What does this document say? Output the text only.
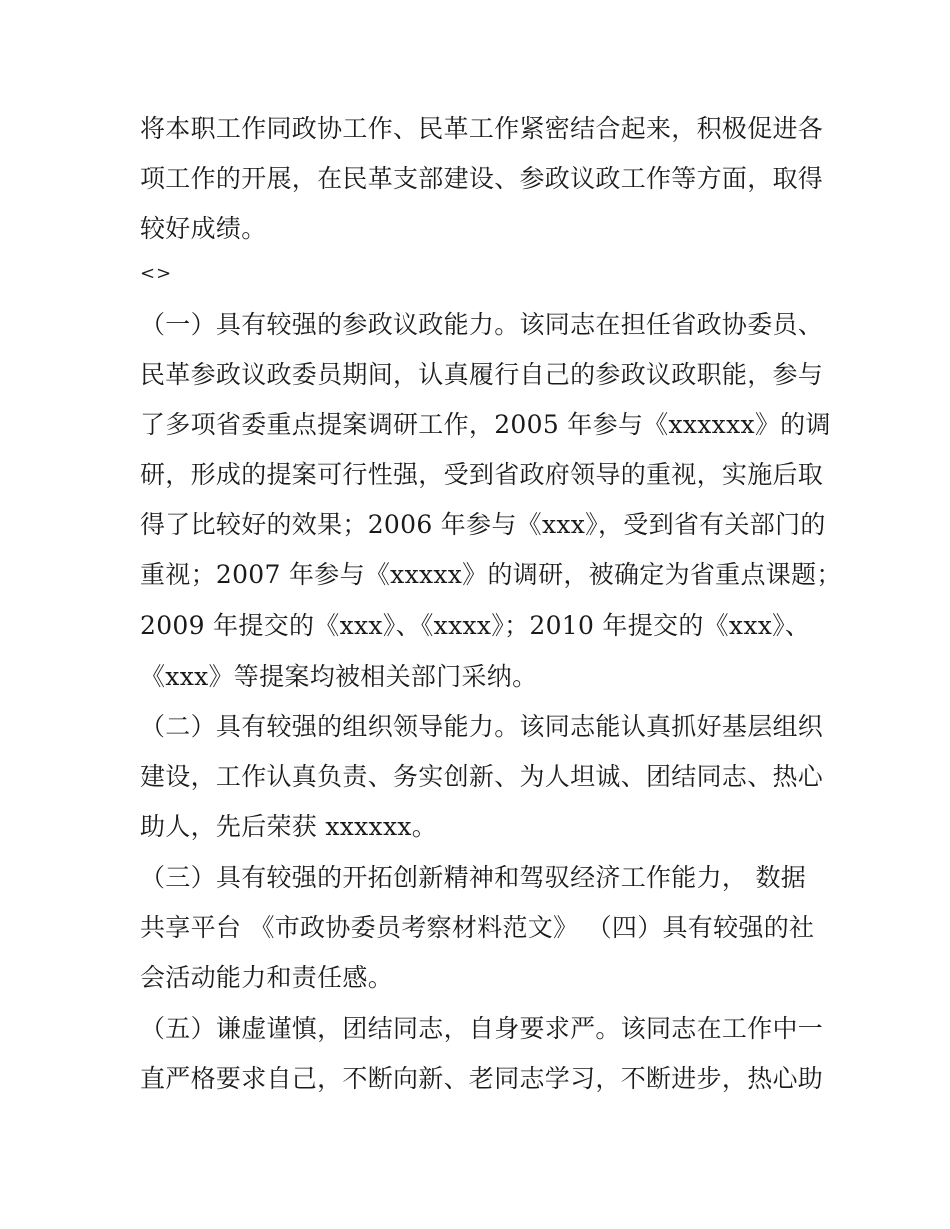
将本职工作同政协工作、民革工作紧密结合起来，积极促进各

项工作的开展，在民革支部建设、参政议政工作等方面，取得

较好成绩。

<>

（一）具有较强的参政议政能力。该同志在担任省政协委员、

民革参政议政委员期间，认真履行自己的参政议政职能，参与

了多项省委重点提案调研工作，2005 年参与《xxxxxx》的调

研，形成的提案可行性强，受到省政府领导的重视，实施后取

得了比较好的效果；2006 年参与《xxx》，受到省有关部门的

重视；2007 年参与《xxxxx》的调研，被确定为省重点课题；

2009 年提交的《xxx》、《xxxx》；2010 年提交的《xxx》、

《xxx》等提案均被相关部门采纳。

（二）具有较强的组织领导能力。该同志能认真抓好基层组织

建设，工作认真负责、务实创新、为人坦诚、团结同志、热心

助人，先后荣获 xxxxxx。

（三）具有较强的开拓创新精神和驾驭经济工作能力， 数据

共享平台 《市政协委员考察材料范文》 （四）具有较强的社

会活动能力和责任感。

（五）谦虚谨慎，团结同志，自身要求严。该同志在工作中一

直严格要求自己，不断向新、老同志学习，不断进步，热心助
